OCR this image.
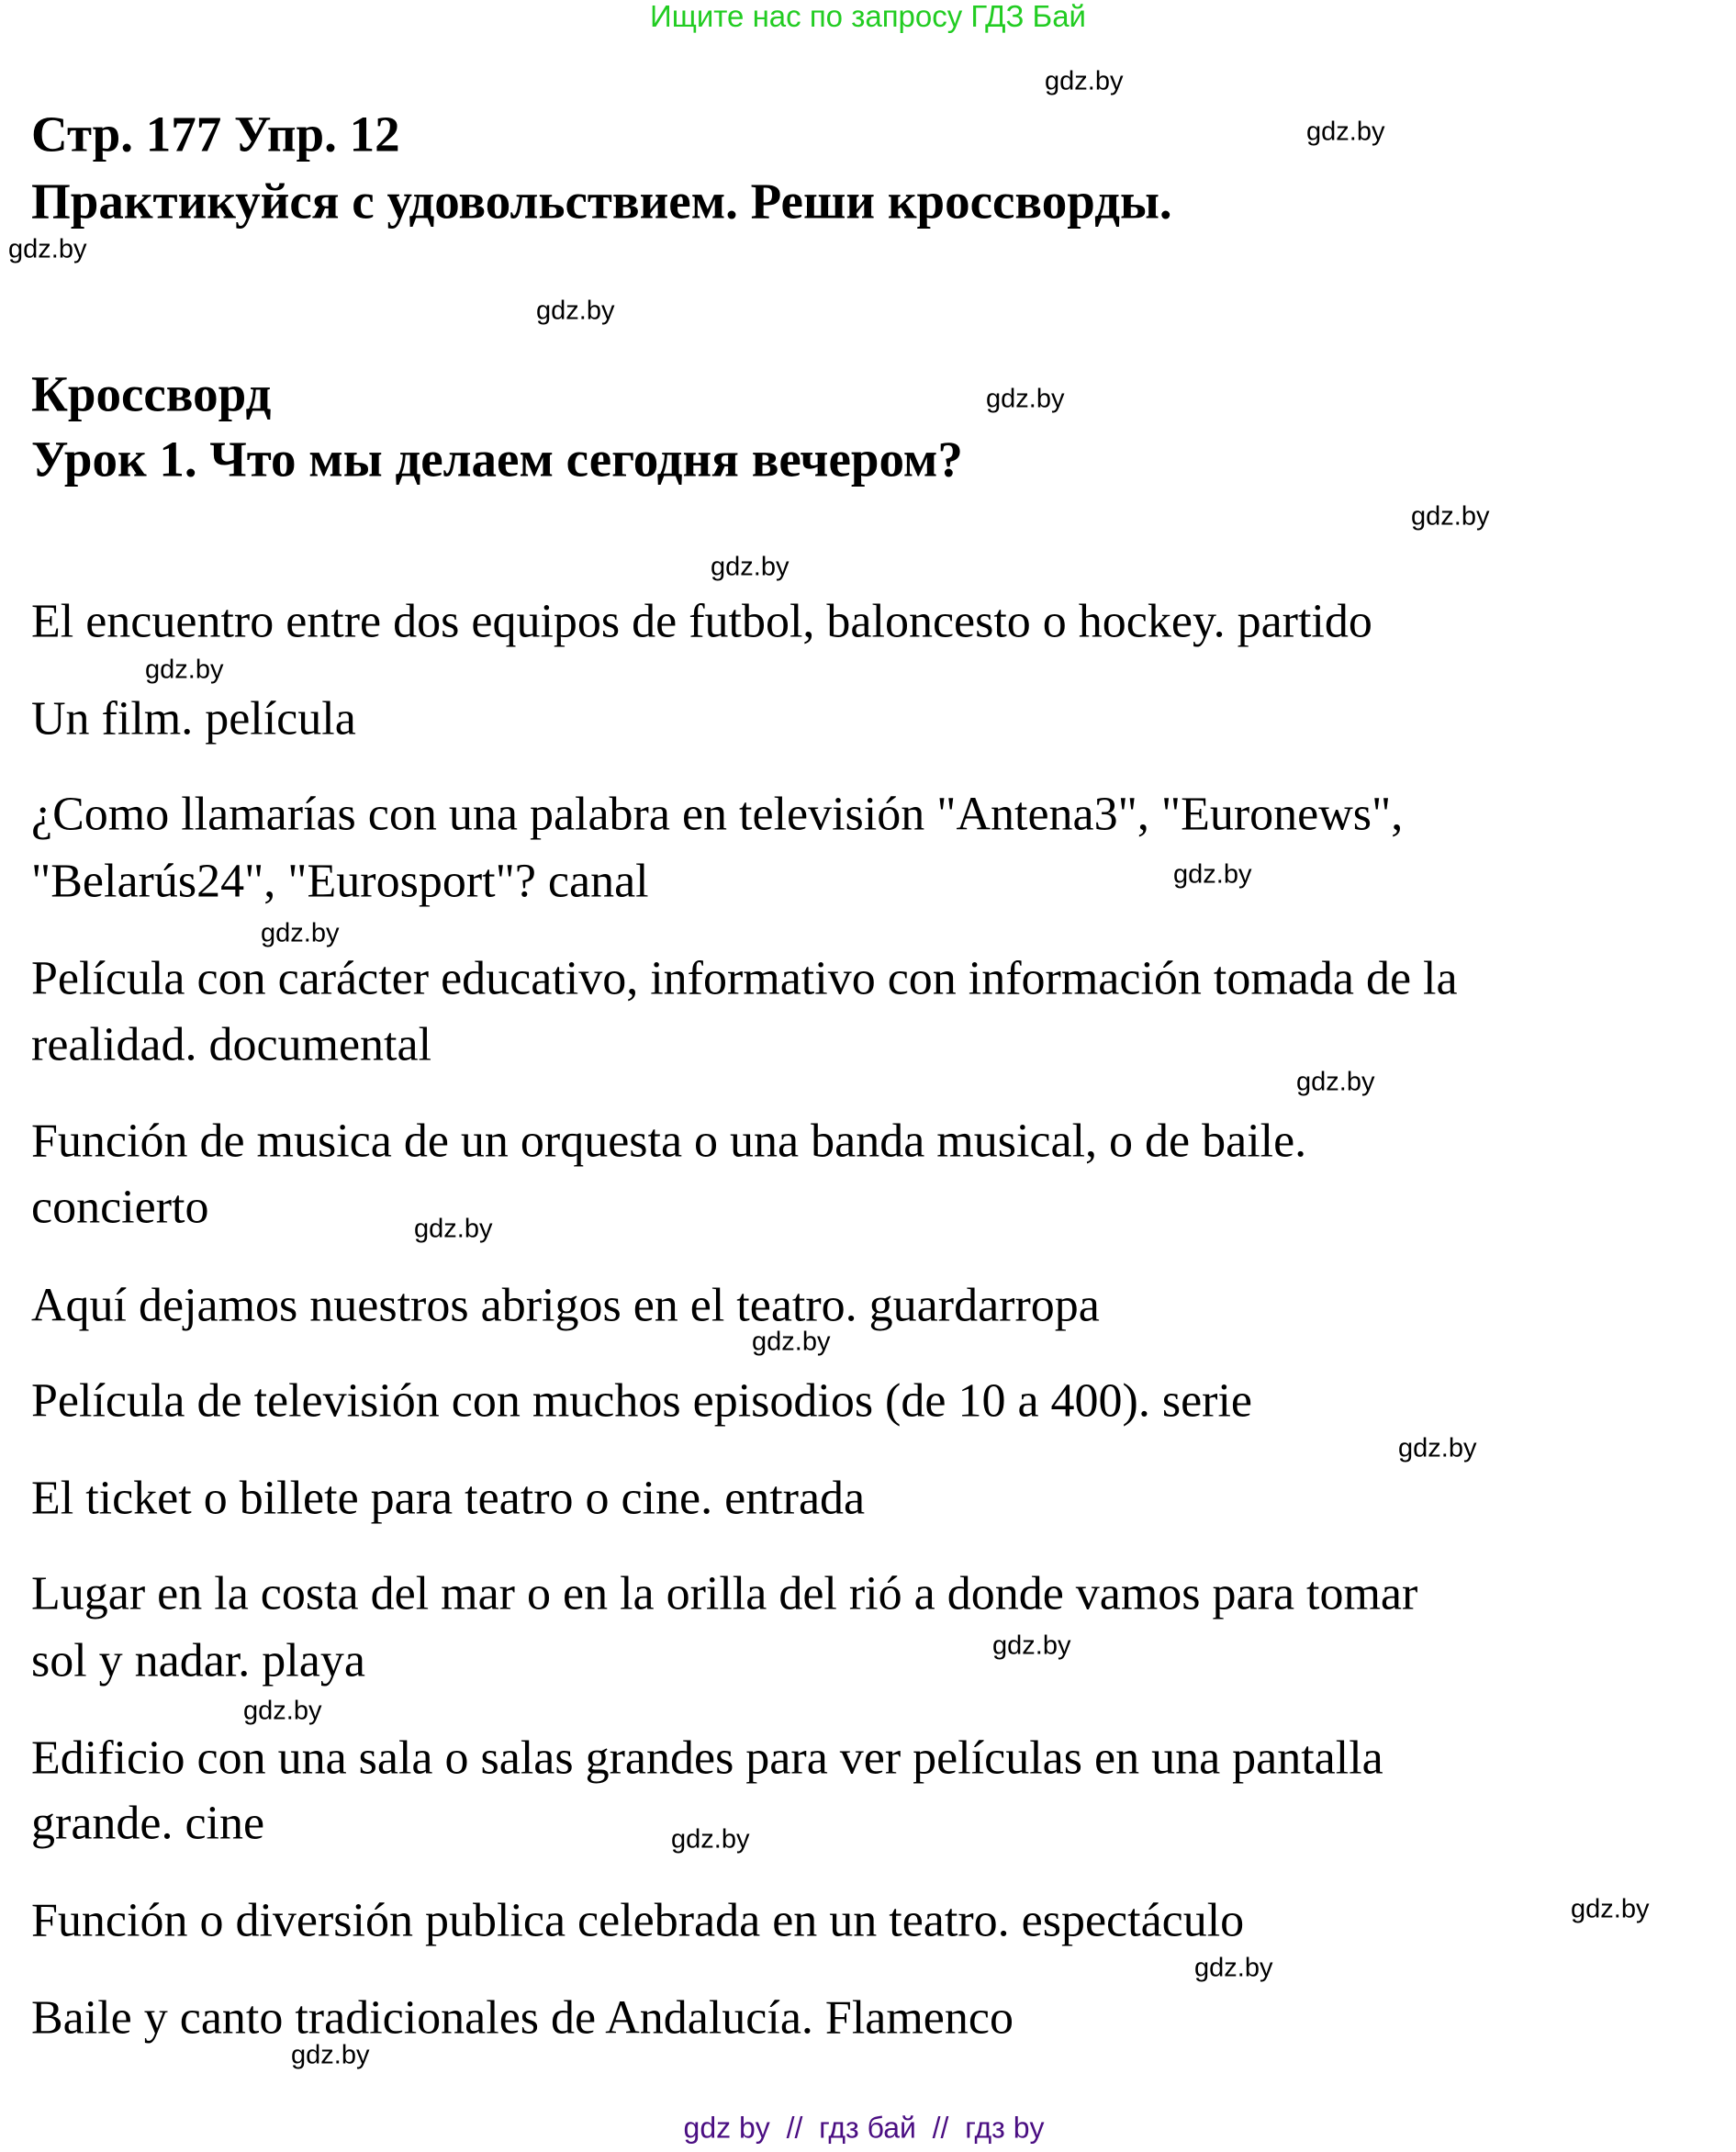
Ищите нас по запросу ГДЗ Бай
Стр. 177 Упр. 12
Практикуйся с удовольствием. Реши кроссворды.
Кроссворд
Урок 1. Что мы делаем сегодня вечером?
El encuentro entre dos equipos de futbol, baloncesto o hockey. partido
Un film. película
¿Como llamarías con una palabra en televisión "Antena3", "Euronews",
"Belarús24", "Eurosport"? canal
Película con carácter educativo, informativo con información tomada de la
realidad. documental
Función de musica de un orquesta o una banda musical, o de baile.
concierto
Aquí dejamos nuestros abrigos en el teatro. guardarropa
Película de televisión con muchos episodios (de 10 a 400). serie
El ticket o billete para teatro o cine. entrada
Lugar en la costa del mar o en la orilla del rió a donde vamos para tomar
sol y nadar. playa
Edificio con una sala o salas grandes para ver películas en una pantalla
grande. cine
Función o diversión publica celebrada en un teatro. espectáculo
Baile y canto tradicionales de Andalucía. Flamenco
gdz.by
gdz.by
gdz.by
gdz.by
gdz.by
gdz.by
gdz.by
gdz.by
gdz.by
gdz.by
gdz.by
gdz.by
gdz.by
gdz.by
gdz.by
gdz.by
gdz.by
gdz.by
gdz.by
gdz.by
gdz by  //  гдз бай  //  гдз by
